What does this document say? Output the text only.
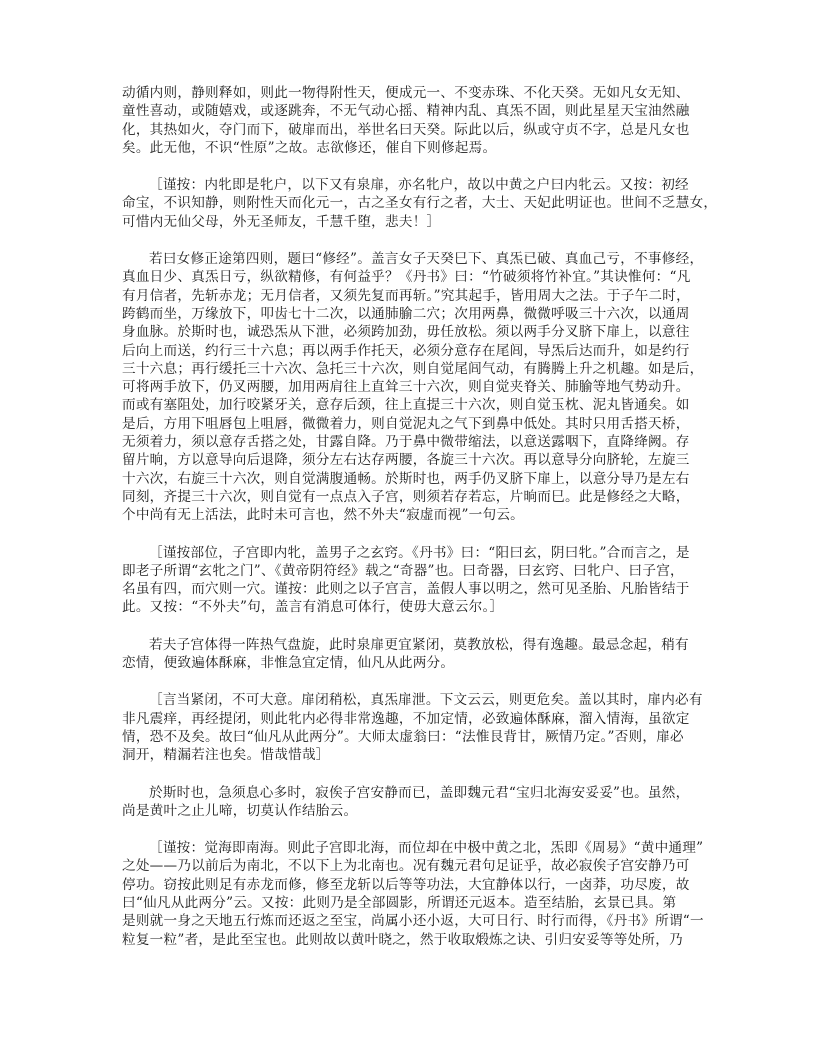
动循内则，静则释如，则此一物得附性天，便成元一、不变赤珠、不化天癸。无如凡女无知、
童性喜动，或随嬉戏，或逐跳奔，不无气动心摇、精神内乱、真炁不固，则此星星天宝油然融
化，其热如火，夺门而下，破扉而出，举世名曰天癸。际此以后，纵或守贞不字，总是凡女也
矣。此无他，不识“性原”之故。志欲修还，催自下则修起焉。
［谨按：内牝即是牝户，以下又有泉扉，亦名牝户，故以中黄之户曰内牝云。又按：初经
命宝，不识知静，则附性天而化元一，古之圣女有行之者，大士、天妃此明证也。世间不乏慧女，
可惜内无仙父母，外无圣师友，千慧千堕，悲夫！］
若曰女修正途第四则，题曰“修经”。盖言女子天癸巳下、真炁已破、真血己亏，不事修经，
真血日少、真炁日亏，纵欲精修，有何益乎？《丹书》曰：“竹破须将竹补宜。”其诀惟何：“凡
有月信者，先斩赤龙；无月信者，又须先复而再斩。”究其起手，皆用周大之法。于子午二时，
跨鹤而坐，万缘放下，叩齿七十二次，以通肺腧二穴；次用两鼻，微微呼吸三十六次，以通周
身血脉。於斯时也，诚恐炁从下泄，必须跨加劲，毋任放松。须以两手分叉脐下扉上，以意往
后向上而送，约行三十六息；再以两手作托天，必须分意存在尾闾，导炁后达而升，如是约行
三十六息；再行缓托三十六次、急托三十六次，则自觉尾闾气动，有腾腾上升之机趣。如是后，
可将两手放下，仍叉两腰，加用两肩往上直耸三十六次，则自觉夹脊关、肺腧等地气势动升。
而或有塞阻处，加行咬紧牙关，意存后颈，往上直提三十六次，则自觉玉枕、泥丸皆通矣。如
是后，方用下咀唇包上咀唇，微微着力，则自觉泥丸之气下到鼻中低处。其时只用舌搭天桥，
无须着力，须以意存舌搭之处，甘露自降。乃于鼻中微带缩法，以意送露咽下，直降绛阙。存
留片晌，方以意导向后退降，须分左右达存两腰，各旋三十六次。再以意导分向脐轮，左旋三
十六次，右旋三十六次，则自觉满腹通畅。於斯时也，两手仍叉脐下扉上，以意分导乃是左右
同刻，齐提三十六次，则自觉有一点点入子宫，则须若存若忘，片晌而巳。此是修经之大略，
个中尚有无上活法，此时未可言也，然不外夫“寂虚而视”一句云。
［谨按部位，子宫即内牝，盖男子之玄窍。《丹书》曰：“阳曰玄，阴曰牝。”合而言之，是
即老子所谓“玄牝之门”、《黄帝阴符经》载之“奇器”也。曰奇器，曰玄窍、曰牝户、曰子宫，
名虽有四，而穴则一穴。谨按：此则之以子宫言，盖假人事以明之，然可见圣胎、凡胎皆结于
此。又按：“不外夫”句，盖言有消息可体行，使毋大意云尔。］
若夫子宫体得一阵热气盘旋，此时泉扉更宜紧闭，莫教放松，得有逸趣。最忌念起，稍有
恋情，便致遍体酥麻，非惟急宜定情，仙凡从此两分。
［言当紧闭，不可大意。扉闭稍松，真炁扉泄。下文云云，则更危矣。盖以其时，扉内必有
非凡震痒，再经提闭，则此牝内必得非常逸趣，不加定情，必致遍体酥麻，溜入情海，虽欲定
情，恐不及矣。故曰“仙凡从此两分”。大师太虚翁曰：“法惟艮背甘，厥情乃定。”否则，扉必
洞开，精漏若注也矣。惜哉惜哉］
於斯时也，急须息心多时，寂俟子宫安静而已，盖即魏元君“宝归北海安妥妥”也。虽然，
尚是黄叶之止儿啼，切莫认作结胎云。
［谨按：觉海即南海。则此子宫即北海，而位却在中极中黄之北，炁即《周易》“黄中通理”
之处——乃以前后为南北，不以下上为北南也。况有魏元君句足证乎，故必寂俟子宫安静乃可
停功。窃按此则足有赤龙而修，修至龙斩以后等等功法，大宜静体以行，一卤莽，功尽废，故
曰“仙凡从此两分”云。又按：此则乃是全部圆影，所谓还元返本。造至结胎，玄景已具。第
是则就一身之天地五行炼而还返之至宝，尚属小还小返，大可日行、时行而得，《丹书》所谓“一
粒复一粒”者，是此至宝也。此则故以黄叶晓之，然于收取煅炼之诀、引归安妥等等处所，乃
